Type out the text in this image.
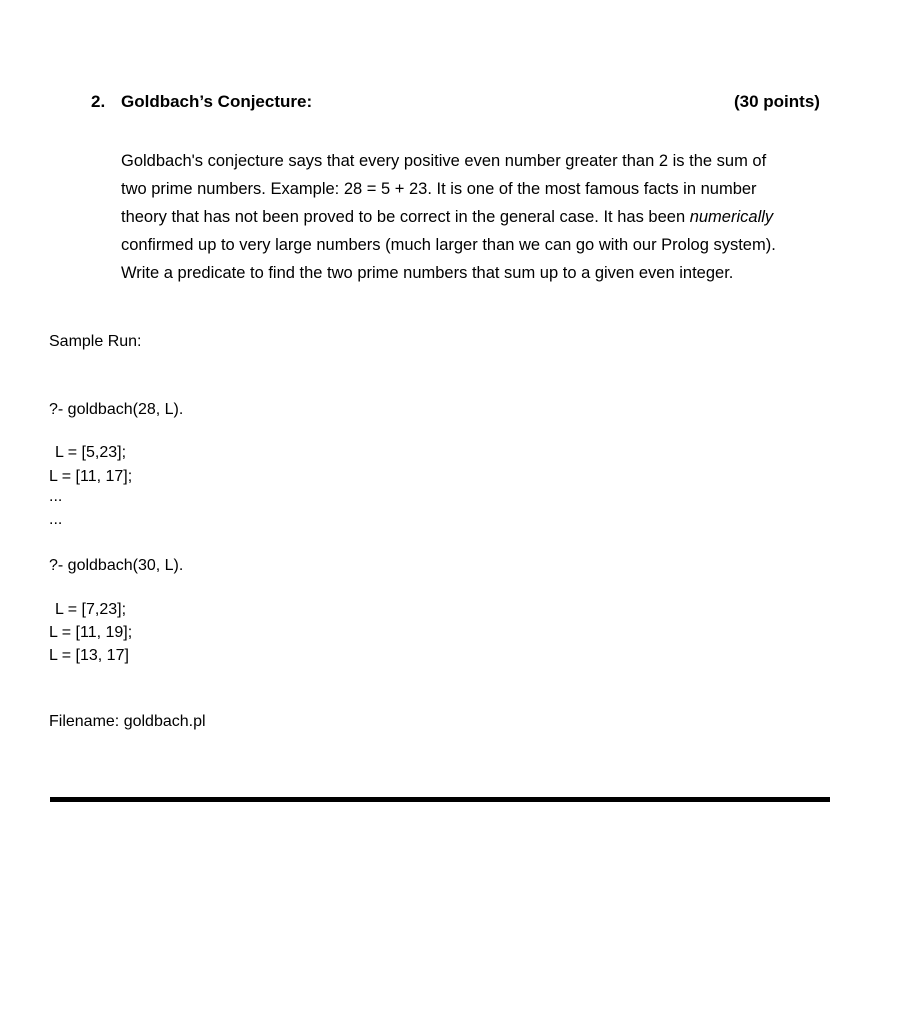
2. Goldbach’s Conjecture:	(30 points)

Goldbach's conjecture says that every positive even number greater than 2 is the sum of

two prime numbers. Example: 28 = 5 + 23. It is one of the most famous facts in number

theory that has not been proved to be correct in the general case. It has been numerically

confirmed up to very large numbers (much larger than we can go with our Prolog system).

Write a predicate to find the two prime numbers that sum up to a given even integer.

Sample Run:
?- goldbach(28, L).
L = [5,23];
L = [11, 17];
...
...
?- goldbach(30, L).
L = [7,23];
L = [11, 19];
L = [13, 17]
Filename: goldbach.pl
